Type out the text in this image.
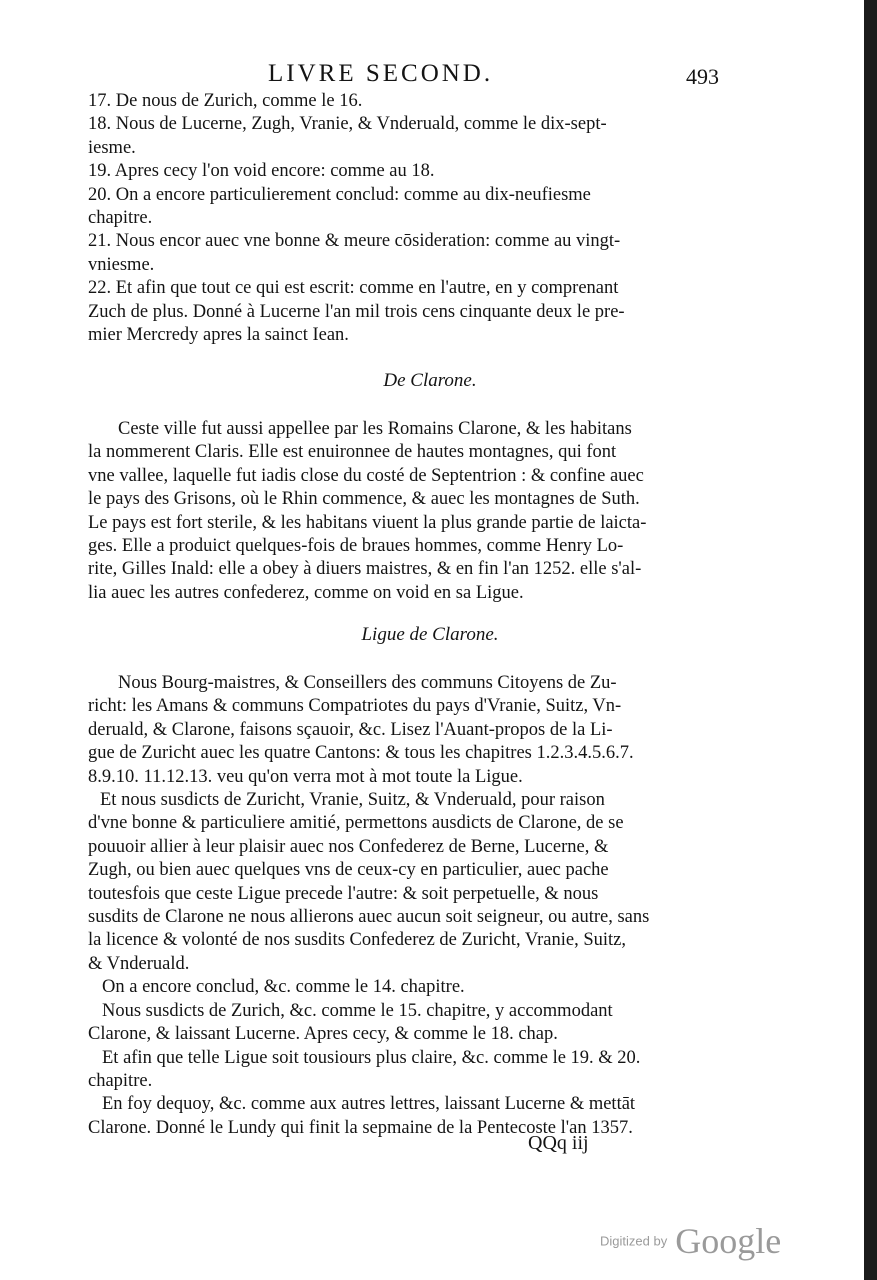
LIVRE SECOND.	493
17. De nous de Zurich, comme le 16.
18. Nous de Lucerne, Zugh, Vranie, & Vnderuald, comme le dix-sept-
iesme.
19. Apres cecy l'on void encore: comme au 18.
20. On a encore particulierement conclud: comme au dix-neufiesme
chapitre.
21. Nous encor auec vne bonne & meure cōsideration: comme au vingt-
vniesme.
22. Et afin que tout ce qui est escrit: comme en l'autre, en y comprenant
Zuch de plus. Donné à Lucerne l'an mil trois cens cinquante deux le pre-
mier Mercredy apres la sainct Iean.
De Clarone.
Ceste ville fut aussi appellee par les Romains Clarone, & les habitans
la nommerent Claris. Elle est enuironnee de hautes montagnes, qui font
vne vallee, laquelle fut iadis close du costé de Septentrion : & confine auec
le pays des Grisons, où le Rhin commence, & auec les montagnes de Suth.
Le pays est fort sterile, & les habitans viuent la plus grande partie de laicta-
ges. Elle a produict quelques-fois de braues hommes, comme Henry Lo-
rite, Gilles Inald: elle a obey à diuers maistres, & en fin l'an 1252. elle s'al-
lia auec les autres confederez, comme on void en sa Ligue.
Ligue de Clarone.
Nous Bourg-maistres, & Conseillers des communs Citoyens de Zu-
richt: les Amans & communs Compatriotes du pays d'Vranie, Suitz, Vn-
deruald, & Clarone, faisons sçauoir, &c. Lisez l'Auant-propos de la Li-
gue de Zuricht auec les quatre Cantons: & tous les chapitres 1.2.3.4.5.6.7.
8.9.10. 11.12.13. veu qu'on verra mot à mot toute la Ligue.
Et nous susdicts de Zuricht, Vranie, Suitz, & Vnderuald, pour raison
d'vne bonne & particuliere amitié, permettons ausdicts de Clarone, de se
pouuoir allier à leur plaisir auec nos Confederez de Berne, Lucerne, &
Zugh, ou bien auec quelques vns de ceux-cy en particulier, auec pache
toutesfois que ceste Ligue precede l'autre: & soit perpetuelle, & nous
susdits de Clarone ne nous allierons auec aucun soit seigneur, ou autre, sans
la licence & volonté de nos susdits Confederez de Zuricht, Vranie, Suitz,
& Vnderuald.
On a encore conclud, &c. comme le 14. chapitre.
Nous susdicts de Zurich, &c. comme le 15. chapitre, y accommodant
Clarone, & laissant Lucerne. Apres cecy, & comme le 18. chap.
Et afin que telle Ligue soit tousiours plus claire, &c. comme le 19. & 20.
chapitre.
En foy dequoy, &c. comme aux autres lettres, laissant Lucerne & mettāt
Clarone. Donné le Lundy qui finit la sepmaine de la Pentecoste l'an 1357.
QQq iij
Digitized by Google
